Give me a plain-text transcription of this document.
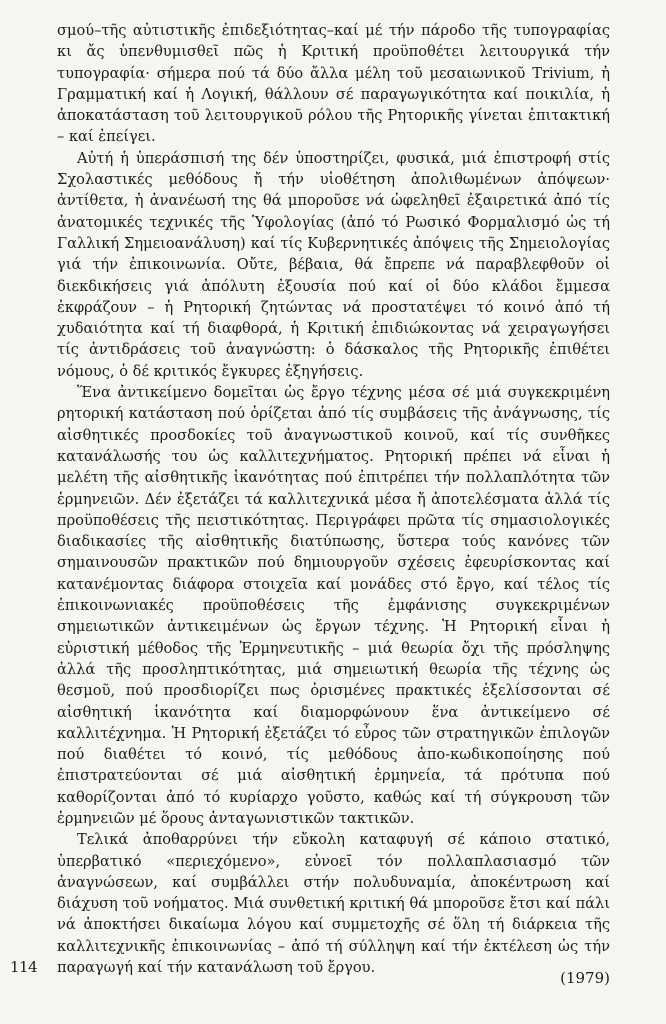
σμού–τῆς αὐτιστικῆς ἐπιδεξιότητας–καί μέ τήν πάροδο τῆς τυπογραφίας κι ἄς ὑπενθυμισθεῖ πῶς ἡ Κριτική προϋποθέτει λειτουργικά τήν τυπογραφία· σήμερα πού τά δύο ἄλλα μέλη τοῦ μεσαιωνικοῦ Trivium, ἡ Γραμματική καί ἡ Λογική, θάλλουν σέ παραγωγικότητα καί ποικιλία, ἡ ἀποκατάσταση τοῦ λειτουργικοῦ ρόλου τῆς Ρητορικῆς γίνεται ἐπιτακτική – καί ἐπείγει.

Αὐτή ἡ ὑπεράσπισή της δέν ὑποστηρίζει, φυσικά, μιά ἐπιστροφή στίς Σχολαστικές μεθόδους ἤ τήν υἱοθέτηση ἀπολιθωμένων ἀπόψεων· ἀντίθετα, ἡ ἀνανέωσή της θά μποροῦσε νά ὠφεληθεῖ ἐξαιρετικά ἀπό τίς ἀνατομικές τεχνικές τῆς Ὑφολογίας (ἀπό τό Ρωσικό Φορμαλισμό ὡς τή Γαλλική Σημειοανάλυση) καί τίς Κυβερνητικές ἀπόψεις τῆς Σημειολογίας γιά τήν ἐπικοινωνία. Οὔτε, βέβαια, θά ἔπρεπε νά παραβλεφθοῦν οἱ διεκδικήσεις γιά ἀπόλυτη ἐξουσία πού καί οἱ δύο κλάδοι ἔμμεσα ἐκφράζουν – ἡ Ρητορική ζητώντας νά προστατέψει τό κοινό ἀπό τή χυδαιότητα καί τή διαφθορά, ἡ Κριτική ἐπιδιώκοντας νά χειραγωγήσει τίς ἀντιδράσεις τοῦ ἀναγνώστη: ὁ δάσκαλος τῆς Ρητορικῆς ἐπιθέτει νόμους, ὁ δέ κριτικός ἔγκυρες ἐξηγήσεις.

Ἕνα ἀντικείμενο δομεῖται ὡς ἔργο τέχνης μέσα σέ μιά συγκεκριμένη ρητορική κατάσταση πού ὁρίζεται ἀπό τίς συμβάσεις τῆς ἀνάγνωσης, τίς αἰσθητικές προσδοκίες τοῦ ἀναγνωστικοῦ κοινοῦ, καί τίς συνθῆκες κατανάλωσής του ὡς καλλιτεχνήματος. Ρητορική πρέπει νά εἶναι ἡ μελέτη τῆς αἰσθητικῆς ἱκανότητας πού ἐπιτρέπει τήν πολλαπλότητα τῶν ἑρμηνειῶν. Δέν ἐξετάζει τά καλλιτεχνικά μέσα ἤ ἀποτελέσματα ἀλλά τίς προϋποθέσεις τῆς πειστικότητας. Περιγράφει πρῶτα τίς σημασιολογικές διαδικασίες τῆς αἰσθητικῆς διατύπωσης, ὕστερα τούς κανόνες τῶν σημαινουσῶν πρακτικῶν πού δημιουργοῦν σχέσεις ἐφευρίσκοντας καί κατανέμοντας διάφορα στοιχεῖα καί μονάδες στό ἔργο, καί τέλος τίς ἐπικοινωνιακές προϋποθέσεις τῆς ἐμφάνισης συγκεκριμένων σημειωτικῶν ἀντικειμένων ὡς ἔργων τέχνης. Ἡ Ρητορική εἶναι ἡ εὑριστική μέθοδος τῆς Ἑρμηνευτικῆς – μιά θεωρία ὄχι τῆς πρόσληψης ἀλλά τῆς προσληπτικότητας, μιά σημειωτική θεωρία τῆς τέχνης ὡς θεσμοῦ, πού προσδιορίζει πως ὁρισμένες πρακτικές ἐξελίσσονται σέ αἰσθητική ἱκανότητα καί διαμορφώνουν ἕνα ἀντικείμενο σέ καλλιτέχνημα. Ἡ Ρητορική ἐξετάζει τό εὖρος τῶν στρατηγικῶν ἐπιλογῶν πού διαθέτει τό κοινό, τίς μεθόδους ἀπο-κωδικοποίησης πού ἐπιστρατεύονται σέ μιά αἰσθητική ἑρμηνεία, τά πρότυπα πού καθορίζονται ἀπό τό κυρίαρχο γοῦστο, καθώς καί τή σύγκρουση τῶν ἑρμηνειῶν μέ ὅρους ἀνταγωνιστικῶν τακτικῶν.

Τελικά ἀποθαρρύνει τήν εὔκολη καταφυγή σέ κάποιο στατικό, ὑπερβατικό «περιεχόμενο», εὐνοεῖ τόν πολλαπλασιασμό τῶν ἀναγνώσεων, καί συμβάλλει στήν πολυδυναμία, ἀποκέντρωση καί διάχυση τοῦ νοήματος. Μιά συνθετική κριτική θά μποροῦσε ἔτσι καί πάλι νά ἀποκτήσει δικαίωμα λόγου καί συμμετοχῆς σέ ὅλη τή διάρκεια τῆς καλλιτεχνικῆς ἐπικοινωνίας – ἀπό τή σύλληψη καί τήν ἐκτέλεση ὡς τήν παραγωγή καί τήν κατανάλωση τοῦ ἔργου.

114
(1979)
